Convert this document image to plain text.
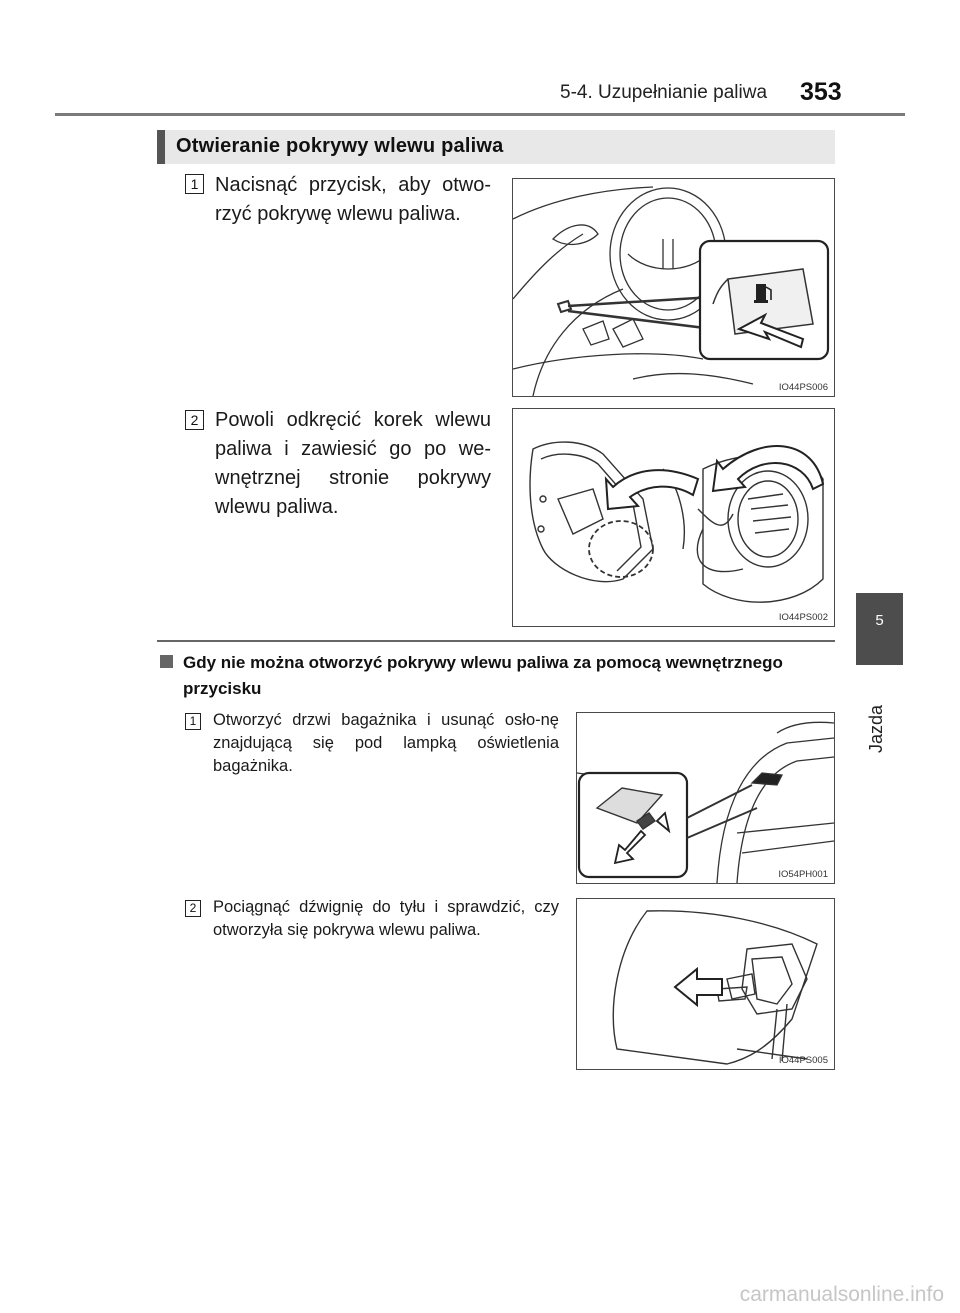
5-4. Uzupełnianie paliwa 353
Otwieranie pokrywy wlewu paliwa
1 Nacisnąć przycisk, aby otwo-rzyć pokrywę wlewu paliwa.
IO44PS006
2 Powoli odkręcić korek wlewu paliwa i zawiesić go po we-wnętrznej stronie pokrywy wlewu paliwa.
IO44PS002
Gdy nie można otworzyć pokrywy wlewu paliwa za pomocą wewnętrznego przycisku
1 Otworzyć drzwi bagażnika i usunąć osło-nę znajdującą się pod lampką oświetlenia bagażnika.
IO54PH001
2 Pociągnąć dźwignię do tyłu i sprawdzić, czy otworzyła się pokrywa wlewu paliwa.
IO44PS005
5
Jazda
carmanualsonline.info
